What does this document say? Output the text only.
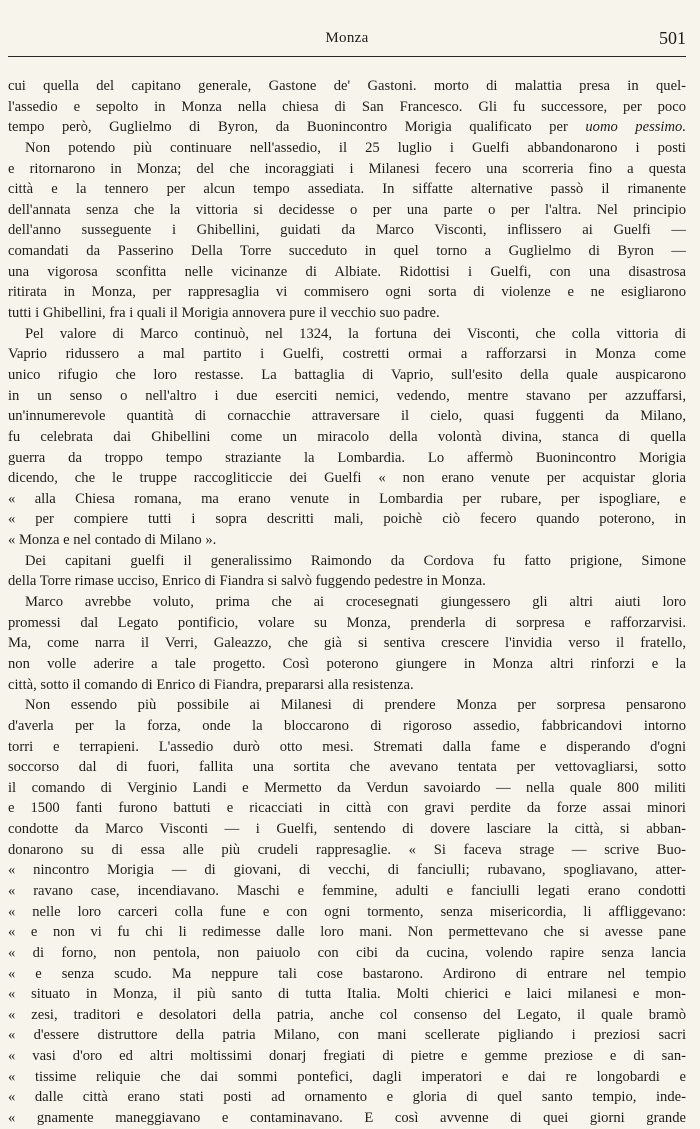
Monza	501
cui quella del capitano generale, Gastone de' Gastoni. morto di malattia presa in quel-
l'assedio e sepolto in Monza nella chiesa di San Francesco. Gli fu successore, per poco
tempo però, Guglielmo di Byron, da Buonincontro Morigia qualificato per uomo pessimo.
Non potendo più continuare nell'assedio, il 25 luglio i Guelfi abbandonarono i posti
e ritornarono in Monza; del che incoraggiati i Milanesi fecero una scorreria fino a questa
città e la tennero per alcun tempo assediata. In siffatte alternative passò il rimanente
dell'annata senza che la vittoria si decidesse o per una parte o per l'altra. Nel principio
dell'anno susseguente i Ghibellini, guidati da Marco Visconti, inflissero ai Guelfi —
comandati da Passerino Della Torre succeduto in quel torno a Guglielmo di Byron —
una vigorosa sconfitta nelle vicinanze di Albiate. Ridottisi i Guelfi, con una disastrosa
ritirata in Monza, per rappresaglia vi commisero ogni sorta di violenze e ne esigliarono
tutti i Ghibellini, fra i quali il Morigia annovera pure il vecchio suo padre.
Pel valore di Marco continuò, nel 1324, la fortuna dei Visconti, che colla vittoria di
Vaprio ridussero a mal partito i Guelfi, costretti ormai a rafforzarsi in Monza come
unico rifugio che loro restasse. La battaglia di Vaprio, sull'esito della quale auspicarono
in un senso o nell'altro i due eserciti nemici, vedendo, mentre stavano per azzuffarsi,
un'innumerevole quantità di cornacchie attraversare il cielo, quasi fuggenti da Milano,
fu celebrata dai Ghibellini come un miracolo della volontà divina, stanca di quella
guerra da troppo tempo straziante la Lombardia. Lo affermò Buonincontro Morigia
dicendo, che le truppe raccogliticcie dei Guelfi « non erano venute per acquistar gloria
« alla Chiesa romana, ma erano venute in Lombardia per rubare, per ispogliare, e
« per compiere tutti i sopra descritti mali, poichè ciò fecero quando poterono, in
« Monza e nel contado di Milano ».
Dei capitani guelfi il generalissimo Raimondo da Cordova fu fatto prigione, Simone
della Torre rimase ucciso, Enrico di Fiandra si salvò fuggendo pedestre in Monza.
Marco avrebbe voluto, prima che ai crocesegnati giungessero gli altri aiuti loro
promessi dal Legato pontificio, volare su Monza, prenderla di sorpresa e rafforzarvisi.
Ma, come narra il Verri, Galeazzo, che già si sentiva crescere l'invidia verso il fratello,
non volle aderire a tale progetto. Così poterono giungere in Monza altri rinforzi e la
città, sotto il comando di Enrico di Fiandra, prepararsi alla resistenza.
Non essendo più possibile ai Milanesi di prendere Monza per sorpresa pensarono
d'averla per la forza, onde la bloccarono di rigoroso assedio, fabbricandovi intorno
torri e terrapieni. L'assedio durò otto mesi. Stremati dalla fame e disperando d'ogni
soccorso dal di fuori, fallita una sortita che avevano tentata per vettovagliarsi, sotto
il comando di Verginio Landi e Mermetto da Verdun savoiardo — nella quale 800 militi
e 1500 fanti furono battuti e ricacciati in città con gravi perdite da forze assai minori
condotte da Marco Visconti — i Guelfi, sentendo di dovere lasciare la città, si abban-
donarono su di essa alle più crudeli rappresaglie. « Si faceva strage — scrive Buo-
« nincontro Morigia — di giovani, di vecchi, di fanciulli; rubavano, spogliavano, atter-
« ravano case, incendiavano. Maschi e femmine, adulti e fanciulli legati erano condotti
« nelle loro carceri colla fune e con ogni tormento, senza misericordia, li affliggevano:
« e non vi fu chi li redimesse dalle loro mani. Non permettevano che si avesse pane
« di forno, non pentola, non paiuolo con cibi da cucina, volendo rapire senza lancia
« e senza scudo. Ma neppure tali cose bastarono. Ardirono di entrare nel tempio
« situato in Monza, il più santo di tutta Italia. Molti chierici e laici milanesi e mon-
« zesi, traditori e desolatori della patria, anche col consenso del Legato, il quale bramò
« d'essere distruttore della patria Milano, con mani scellerate pigliando i preziosi sacri
« vasi d'oro ed altri moltissimi donarj fregiati di pietre e gemme preziose e di san-
« tissime reliquie che dai sommi pontefici, dagli imperatori e dai re longobardi e
« dalle città erano stati posti ad ornamento e gloria di quel santo tempio, inde-
« gnamente maneggiavano e contaminavano. E così avvenne di quei giorni grande
